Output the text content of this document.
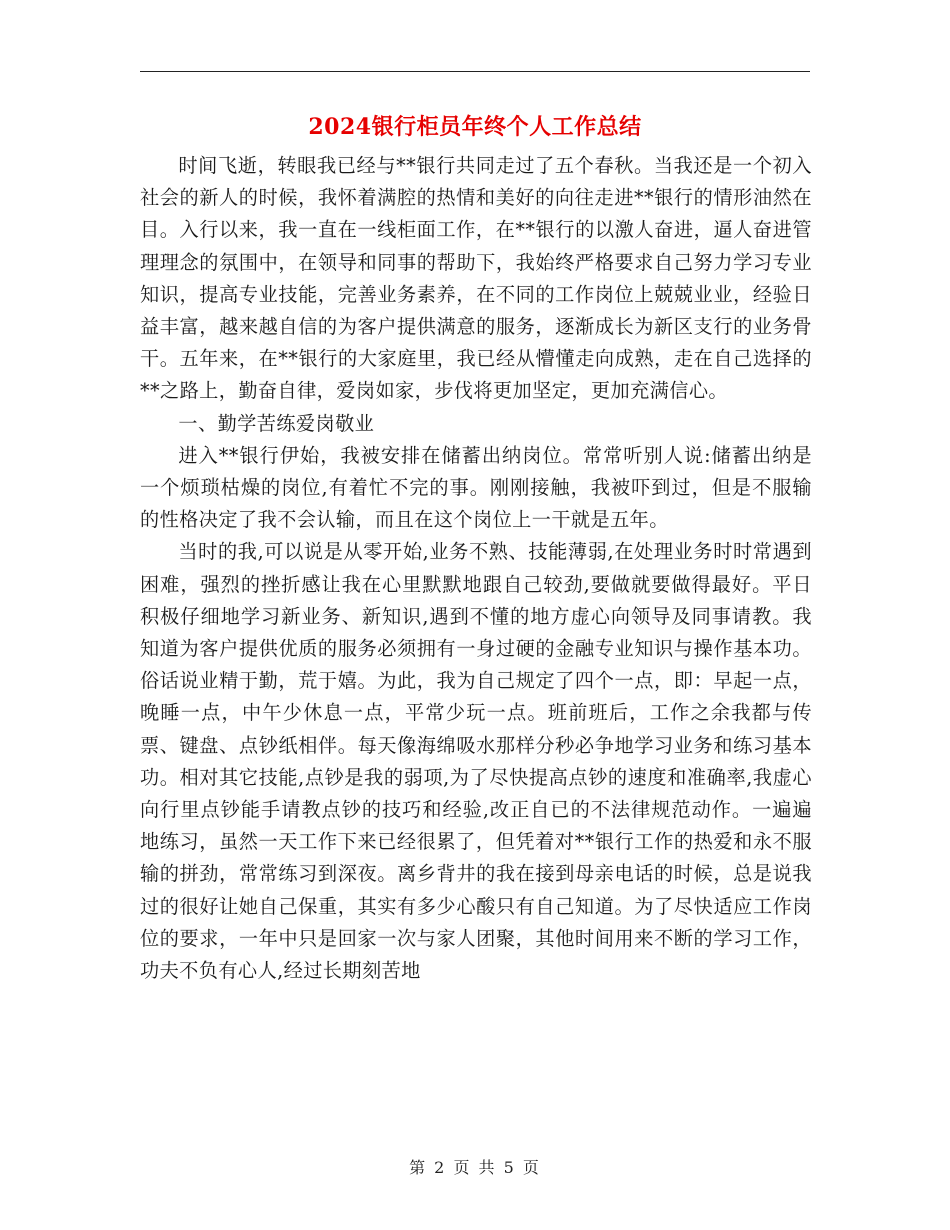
2024银行柜员年终个人工作总结

时间飞逝，转眼我已经与**银行共同走过了五个春秋。当我还是一个初入社会的新人的时候，我怀着满腔的热情和美好的向往走进**银行的情形油然在目。入行以来，我一直在一线柜面工作，在**银行的以激人奋进，逼人奋进管理理念的氛围中，在领导和同事的帮助下，我始终严格要求自己努力学习专业知识，提高专业技能，完善业务素养，在不同的工作岗位上兢兢业业，经验日益丰富，越来越自信的为客户提供满意的服务，逐渐成长为新区支行的业务骨干。五年来，在**银行的大家庭里，我已经从懵懂走向成熟，走在自己选择的**之路上，勤奋自律，爱岗如家，步伐将更加坚定，更加充满信心。

一、勤学苦练爱岗敬业

进入**银行伊始，我被安排在储蓄出纳岗位。常常听别人说:储蓄出纳是一个烦琐枯燥的岗位,有着忙不完的事。刚刚接触，我被吓到过，但是不服输的性格决定了我不会认输，而且在这个岗位上一干就是五年。

当时的我,可以说是从零开始,业务不熟、技能薄弱,在处理业务时时常遇到困难，强烈的挫折感让我在心里默默地跟自己较劲,要做就要做得最好。平日积极仔细地学习新业务、新知识,遇到不懂的地方虚心向领导及同事请教。我知道为客户提供优质的服务必须拥有一身过硬的金融专业知识与操作基本功。俗话说业精于勤，荒于嬉。为此，我为自己规定了四个一点，即：早起一点，晚睡一点，中午少休息一点，平常少玩一点。班前班后，工作之余我都与传票、键盘、点钞纸相伴。每天像海绵吸水那样分秒必争地学习业务和练习基本功。相对其它技能,点钞是我的弱项,为了尽快提高点钞的速度和准确率,我虚心向行里点钞能手请教点钞的技巧和经验,改正自已的不法律规范动作。一遍遍地练习，虽然一天工作下来已经很累了，但凭着对**银行工作的热爱和永不服输的拼劲，常常练习到深夜。离乡背井的我在接到母亲电话的时候，总是说我过的很好让她自己保重，其实有多少心酸只有自己知道。为了尽快适应工作岗位的要求，一年中只是回家一次与家人团聚，其他时间用来不断的学习工作，功夫不负有心人,经过长期刻苦地

第 2 页 共 5 页
